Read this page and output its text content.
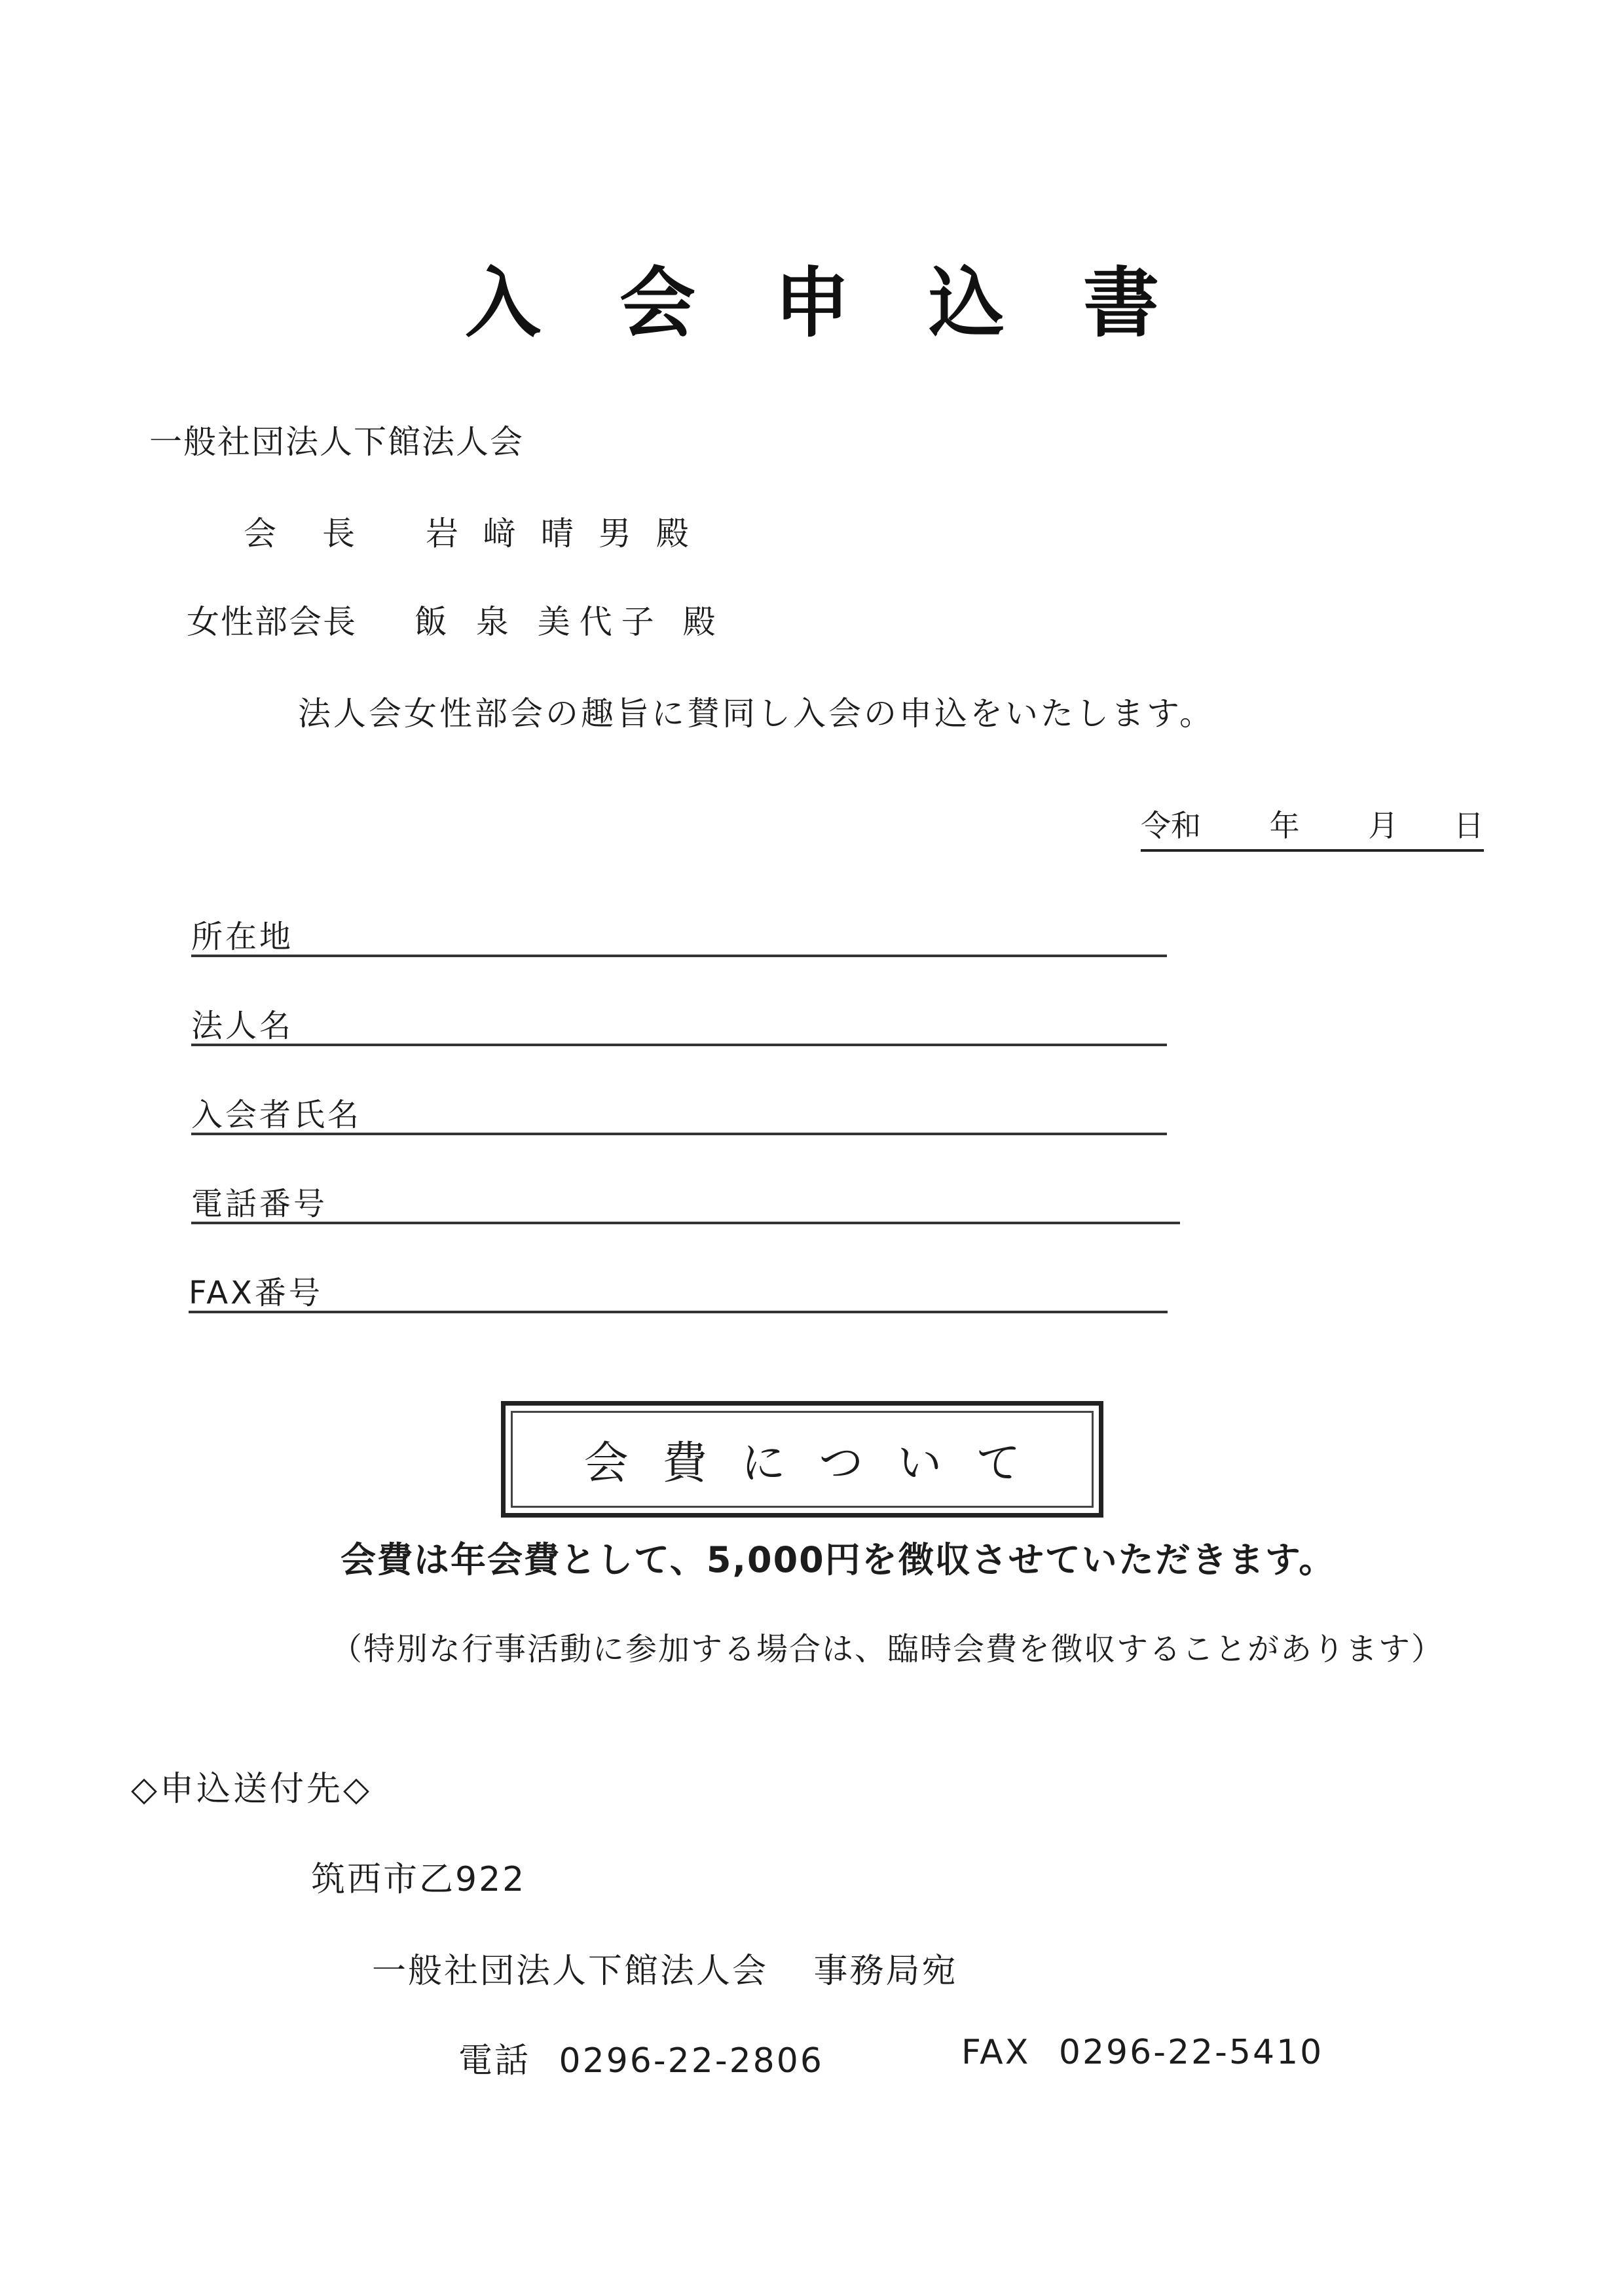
入会申込書
一般社団法人下館法人会
会長 岩﨑晴男殿
女性部会長 飯 泉 美代子 殿
法人会女性部会の趣旨に賛同し入会の申込をいたします。
令和 年 月 日
所在地
法人名
入会者氏名
電話番号
FAX番号
会費について
会費は年会費として、5,000円を徴収させていただきます。
（特別な行事活動に参加する場合は、臨時会費を徴収することがあります）
◇申込送付先◇
筑西市乙922
一般社団法人下館法人会 事務局宛
電話 0296-22-2806	FAX 0296-22-5410
